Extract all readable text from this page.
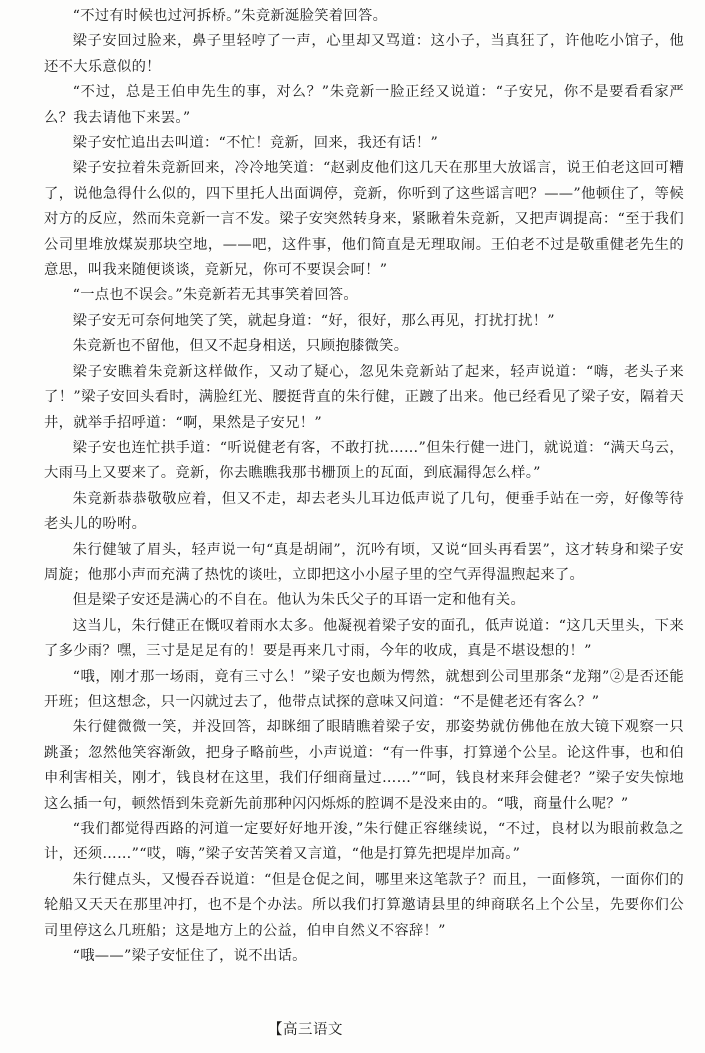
“不过有时候也过河拆桥。”朱竞新涎脸笑着回答。

梁子安回过脸来，鼻子里轻哼了一声，心里却又骂道：这小子，当真狂了，许他吃小馆子，他还不大乐意似的！

“不过，总是王伯申先生的事，对么？”朱竞新一脸正经又说道：“子安兄，你不是要看看家严么？我去请他下来罢。”

梁子安忙追出去叫道：“不忙！竞新，回来，我还有话！”

梁子安拉着朱竞新回来，冷冷地笑道：“赵剥皮他们这几天在那里大放谣言，说王伯老这回可糟了，说他急得什么似的，四下里托人出面调停，竞新，你听到了这些谣言吧？——”他顿住了，等候对方的反应，然而朱竞新一言不发。梁子安突然转身来，紧瞅着朱竞新，又把声调提高：“至于我们公司里堆放煤炭那块空地，——吧，这件事，他们简直是无理取闹。王伯老不过是敬重健老先生的意思，叫我来随便谈谈，竞新兄，你可不要误会呵！”

“一点也不误会。”朱竞新若无其事笑着回答。

梁子安无可奈何地笑了笑，就起身道：“好，很好，那么再见，打扰打扰！”

朱竞新也不留他，但又不起身相送，只顾抱膝微笑。

梁子安瞧着朱竞新这样做作，又动了疑心，忽见朱竞新站了起来，轻声说道：“嗨，老头子来了！”梁子安回头看时，满脸红光、腰挺背直的朱行健，正踱了出来。他已经看见了梁子安，隔着天井，就举手招呼道：“啊，果然是子安兄！”

梁子安也连忙拱手道：“听说健老有客，不敢打扰……”但朱行健一进门，就说道：“满天乌云，大雨马上又要来了。竞新，你去瞧瞧我那书栅顶上的瓦面，到底漏得怎么样。”

朱竞新恭恭敬敬应着，但又不走，却去老头儿耳边低声说了几句，便垂手站在一旁，好像等待老头儿的吩咐。

朱行健皱了眉头，轻声说一句“真是胡闹”，沉吟有顷，又说“回头再看罢”，这才转身和梁子安周旋；他那小声而充满了热忱的谈吐，立即把这小小屋子里的空气弄得温煦起来了。

但是梁子安还是满心的不自在。他认为朱氏父子的耳语一定和他有关。

这当儿，朱行健正在慨叹着雨水太多。他凝视着梁子安的面孔，低声说道：“这几天里头，下来了多少雨？嘿，三寸是足足有的！要是再来几寸雨，今年的收成，真是不堪设想的！”

“哦，刚才那一场雨，竟有三寸么！”梁子安也颇为愕然，就想到公司里那条“龙翔”②是否还能开班；但这想念，只一闪就过去了，他带点试探的意味又问道：“不是健老还有客么？”

朱行健微微一笑，并没回答，却眯细了眼睛瞧着梁子安，那姿势就仿佛他在放大镜下观察一只跳蚤；忽然他笑容渐敛，把身子略前些，小声说道：“有一件事，打算递个公呈。论这件事，也和伯申利害相关，刚才，钱良材在这里，我们仔细商量过……”“呵，钱良材来拜会健老？”梁子安失惊地这么插一句，顿然悟到朱竞新先前那种闪闪烁烁的腔调不是没来由的。“哦，商量什么呢？”

“我们都觉得西路的河道一定要好好地开浚，”朱行健正容继续说，“不过，良材以为眼前救急之计，还须……”“哎，嗨，”梁子安苦笑着又言道，“他是打算先把堤岸加高。”

朱行健点头，又慢吞吞说道：“但是仓促之间，哪里来这笔款子？而且，一面修筑，一面你们的轮船又天天在那里冲打，也不是个办法。所以我们打算邀请县里的绅商联名上个公呈，先要你们公司里停这么几班船；这是地方上的公益，伯申自然义不容辞！”

“哦——”梁子安怔住了，说不出话。

【高三语文
